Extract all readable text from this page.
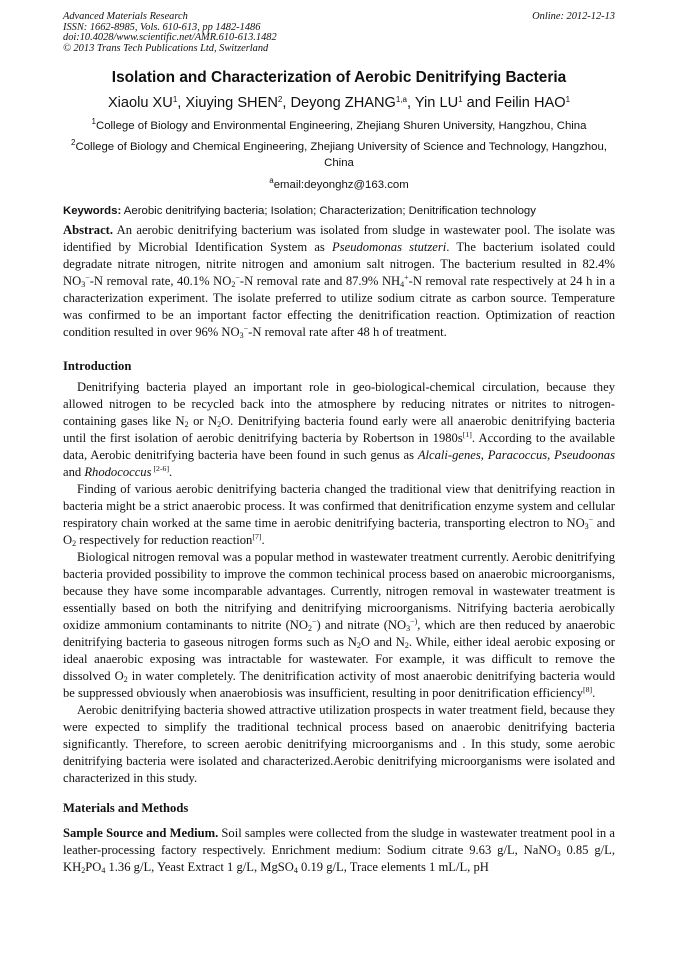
Advanced Materials Research
ISSN: 1662-8985, Vols. 610-613, pp 1482-1486
doi:10.4028/www.scientific.net/AMR.610-613.1482
© 2013 Trans Tech Publications Ltd, Switzerland
Online: 2012-12-13
Isolation and Characterization of Aerobic Denitrifying Bacteria
Xiaolu $XU^1$, Xiuying SHEN$^2$, Deyong ZHANG$^{1,a}$, Yin $LU^1$ and Feilin HAO$^1$
$^1$College of Biology and Environmental Engineering, Zhejiang Shuren University, Hangzhou, China
$^2$College of Biology and Chemical Engineering, Zhejiang University of Science and Technology, Hangzhou, China
$^a$email:deyonghz@163.com
Keywords: Aerobic denitrifying bacteria; Isolation; Characterization; Denitrification technology

Abstract. An aerobic denitrifying bacterium was isolated from sludge in wastewater pool. The isolate was identified by Microbial Identification System as Pseudomonas stutzeri. The bacterium isolated could degradate nitrate nitrogen, nitrite nitrogen and amonium salt nitrogen. The bacterium resulted in 82.4% $NO_3^--N$ removal rate, 40.1% $NO_2^--N$ removal rate and 87.9% $NH_4^+-N$ removal rate respectively at 24 h in a characterization experiment. The isolate preferred to utilize sodium citrate as carbon source. Temperature was confirmed to be an important factor effecting the denitrification reaction. Optimization of reaction condition resulted in over 96% $NO_3^--N$ removal rate after 48 h of treatment.

Introduction

Denitrifying bacteria played an important role in geo-biological-chemical circulation, because they allowed nitrogen to be recycled back into the atmosphere by reducing nitrates or nitrites to nitrogen-containing gases like $N_2$ or $N_2O$. Denitrifying bacteria found early were all anaerobic denitrifying bacteria until the first isolation of aerobic denitrifying bacteria by Robertson in 1980s[1]. According to the available data, Aerobic denitrifying bacteria have been found in such genus as Alcali-genes, Paracoccus, Pseudoonas and Rhodococcus [2-6].

Finding of various aerobic denitrifying bacteria changed the traditional view that denitrifying reaction in bacteria might be a strict anaerobic process. It was confirmed that denitrification enzyme system and cellular respiratory chain worked at the same time in aerobic denitrifying bacteria, transporting electron to $NO_3^-$ and $O_2$ respectively for reduction reaction[7].

Biological nitrogen removal was a popular method in wastewater treatment currently. Aerobic denitrifying bacteria provided possibility to improve the common techinical process based on anaerobic microorganisms, because they have some incomparable advantages. Currently, nitrogen removal in wastewater treatment is essentially based on both the nitrifying and denitrifying microorganisms. Nitrifying bacteria aerobically oxidize ammonium contaminants to nitrite $(NO_2^-)$ and nitrate ($NO_3^{-)}$, which are then reduced by anaerobic denitrifying bacteria to gaseous nitrogen forms such as $N_2O$ and $N_2$. While, either ideal aerobic exposing or ideal anaerobic exposing was intractable for wastewater. For example, it was difficult to remove the dissolved $O_2$ in water completely. The denitrification activity of most anaerobic denitrifying bacteria would be suppressed obviously when anaerobiosis was insufficient, resulting in poor denitrification efficiency[8].

Aerobic denitrifying bacteria showed attractive utilization prospects in water treatment field, because they were expected to simplify the traditional technical process based on anaerobic denitrifying bacteria significantly. Therefore, to screen aerobic denitrifying microorganisms and . In this study, some aerobic denitrifying bacteria were isolated and characterized.Aerobic denitrifying microorganisms were isolated and characterized in this study.

Materials and Methods

Sample Source and Medium. Soil samples were collected from the sludge in wastewater treatment pool in a leather-processing factory respectively. Enrichment medium: Sodium citrate 9.63 g/L, NaNO$_3$ 0.85 g/L, $KH_2PO_4$ 1.36 g/L, Yeast Extract 1 g/L, MgSO$_4$ 0.19 g/L, Trace elements 1 mL/L, pH
